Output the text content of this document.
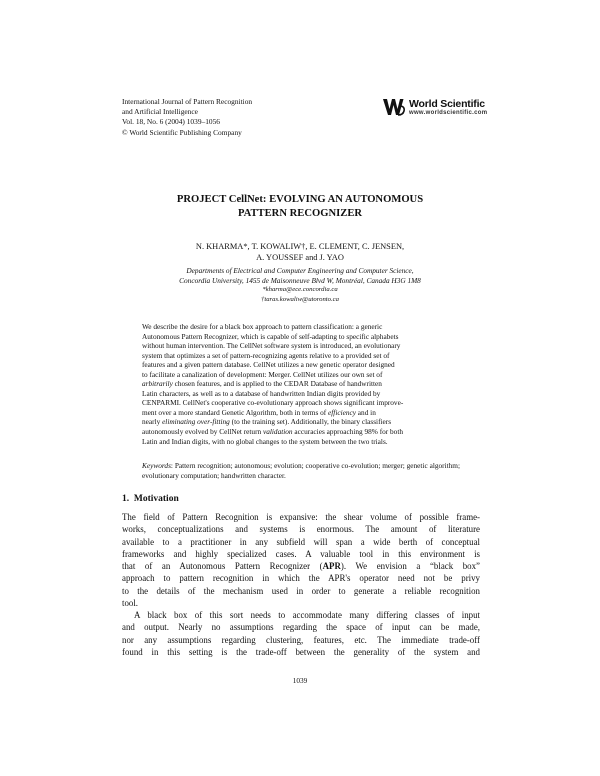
International Journal of Pattern Recognition
and Artificial Intelligence
Vol. 18, No. 6 (2004) 1039–1056
© World Scientific Publishing Company
World Scientific
www.worldscientific.com
PROJECT CellNet: EVOLVING AN AUTONOMOUS
PATTERN RECOGNIZER
N. KHARMA*, T. KOWALIW†, E. CLEMENT, C. JENSEN,
A. YOUSSEF and J. YAO
Departments of Electrical and Computer Engineering and Computer Science,
Concordia University, 1455 de Maisonneuve Blvd W, Montréal, Canada H3G 1M8
*kharma@ece.concordia.ca
†taras.kowaliw@utoronto.ca
We describe the desire for a black box approach to pattern classification: a generic
Autonomous Pattern Recognizer, which is capable of self-adapting to specific alphabets
without human intervention. The CellNet software system is introduced, an evolutionary
system that optimizes a set of pattern-recognizing agents relative to a provided set of
features and a given pattern database. CellNet utilizes a new genetic operator designed
to facilitate a canalization of development: Merger. CellNet utilizes our own set of
arbitrarily chosen features, and is applied to the CEDAR Database of handwritten
Latin characters, as well as to a database of handwritten Indian digits provided by
CENPARMI. CellNet's cooperative co-evolutionary approach shows significant improve-
ment over a more standard Genetic Algorithm, both in terms of efficiency and in
nearly eliminating over-fitting (to the training set). Additionally, the binary classifiers
autonomously evolved by CellNet return validation accuracies approaching 98% for both
Latin and Indian digits, with no global changes to the system between the two trials.
Keywords: Pattern recognition; autonomous; evolution; cooperative co-evolution; merger; genetic algorithm; evolutionary computation; handwritten character.
1. Motivation
The field of Pattern Recognition is expansive: the shear volume of possible frame-
works, conceptualizations and systems is enormous. The amount of literature
available to a practitioner in any subfield will span a wide berth of conceptual
frameworks and highly specialized cases. A valuable tool in this environment is
that of an Autonomous Pattern Recognizer (APR). We envision a “black box”
approach to pattern recognition in which the APR's operator need not be privy
to the details of the mechanism used in order to generate a reliable recognition
tool.
A black box of this sort needs to accommodate many differing classes of input
and output. Nearly no assumptions regarding the space of input can be made,
nor any assumptions regarding clustering, features, etc. The immediate trade-off
found in this setting is the trade-off between the generality of the system and
1039
